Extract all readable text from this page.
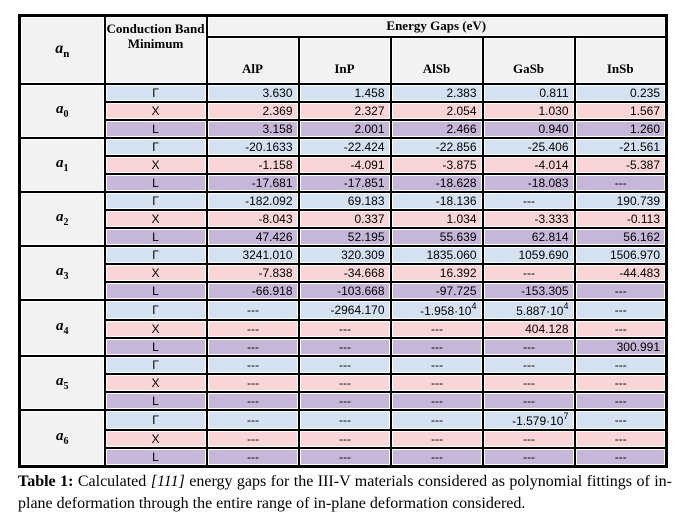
$a_n$	Conduction Band Minimum	Energy Gaps (eV)				
		AlP	InP	AlSb	GaSb	InSb
$a_0$	Γ	3.630	1.458	2.383	0.811	0.235
	X	2.369	2.327	2.054	1.030	1.567
	L	3.158	2.001	2.466	0.940	1.260
$a_1$	Γ	-20.1633	-22.424	-22.856	-25.406	-21.561
	X	-1.158	-4.091	-3.875	-4.014	-5.387
	L	-17.681	-17.851	-18.628	-18.083	---
$a_2$	Γ	-182.092	69.183	-18.136	---	190.739
	X	-8.043	0.337	1.034	-3.333	-0.113
	L	47.426	52.195	55.639	62.814	56.162
$a_3$	Γ	3241.010	320.309	1835.060	1059.690	1506.970
	X	-7.838	-34.668	16.392	---	-44.483
	L	-66.918	-103.668	-97.725	-153.305	---
$a_4$	Γ	---	-2964.170	$-1.958\cdot 10^4$	$5.887\cdot 10^4$	---
	X	---	---	---	404.128	---
	L	---	---	---	---	300.991
$a_5$	Γ	---	---	---	---	---
	X	---	---	---	---	---
	L	---	---	---	---	---
$a_6$	Γ	---	---	---	$-1.579\cdot 10^7$	---
	X	---	---	---	---	---
	L	---	---	---	---	---

Table 1: Calculated [111] energy gaps for the III-V materials considered as polynomial fittings of in-plane deformation through the entire range of in-plane deformation considered.
